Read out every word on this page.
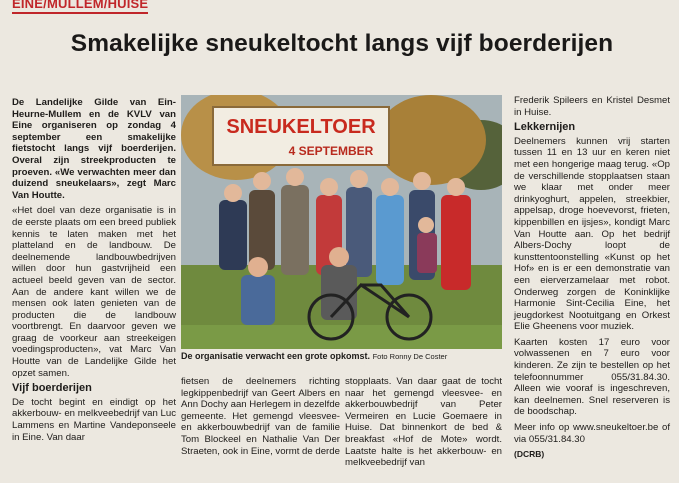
EINE/MULLEM/HUISE
Smakelijke sneukeltocht langs vijf boerderijen

De Landelijke Gilde van Ein-Heurne-Mullem en de KVLV van Eine organiseren op zondag 4 september een smakelijke fietstocht langs vijf boerderijen. Overal zijn streekproducten te proeven. «We verwachten meer dan duizend sneukelaars», zegt Marc Van Houtte.

«Het doel van deze organisatie is in de eerste plaats om een breed publiek kennis te laten maken met het platteland en de landbouw. De deelnemende landbouwbedrijven willen door hun gastvrijheid een actueel beeld geven van de sector. Aan de andere kant willen we de mensen ook laten genieten van de producten die de landbouw voortbrengt. En daarvoor geven we graag de voorkeur aan streekeigen voedingsproducten», vat Marc Van Houtte van de Landelijke Gilde het opzet samen.

Vijf boerderijen

De tocht begint en eindigt op het akkerbouw- en melkveebedrijf van Luc Lammens en Martine Vandeponseele in Eine. Van daar

SNEUKELTOER
4 SEPTEMBER
De organisatie verwacht een grote opkomst. Foto Ronny De Coster

fietsen de deelnemers richting legkippenbedrijf van Geert Albers en Ann Dochy aan Herlegem in dezelfde gemeente. Het gemengd vleesvee- en akkerbouwbedrijf van de familie Tom Blockeel en Nathalie Van Der Straeten, ook in Eine, vormt de derde

stopplaats. Van daar gaat de tocht naar het gemengd vleesvee- en akkerbouwbedrijf van Peter Vermeiren en Lucie Goemaere in Huise. Dat binnenkort de bed & breakfast «Hof de Mote» wordt. Laatste halte is het akkerbouw- en melkveebedrijf van

Frederik Spileers en Kristel Desmet in Huise.

Lekkernijen

Deelnemers kunnen vrij starten tussen 11 en 13 uur en keren niet met een hongerige maag terug. «Op de verschillende stopplaatsen staan we klaar met onder meer drinkyoghurt, appelen, streekbier, appelsap, droge hoevevorst, frieten, kippenbillen en ijsjes», kondigt Marc Van Houtte aan. Op het bedrijf Albers-Dochy loopt de kunsttentoonstelling «Kunst op het Hof» en is er een demonstratie van een eierverzamelaar met robot. Onderweg zorgen de Koninklijke Harmonie Sint-Cecilia Eine, het jeugdorkest Nootuitgang en Orkest Elie Gheenens voor muziek.

Kaarten kosten 17 euro voor volwassenen en 7 euro voor kinderen. Ze zijn te bestellen op het telefoonnummer 055/31.84.30. Alleen wie vooraf is ingeschreven, kan deelnemen. Snel reserveren is de boodschap.

Meer info op www.sneukeltoer.be of via 055/31.84.30

(DCRB)
